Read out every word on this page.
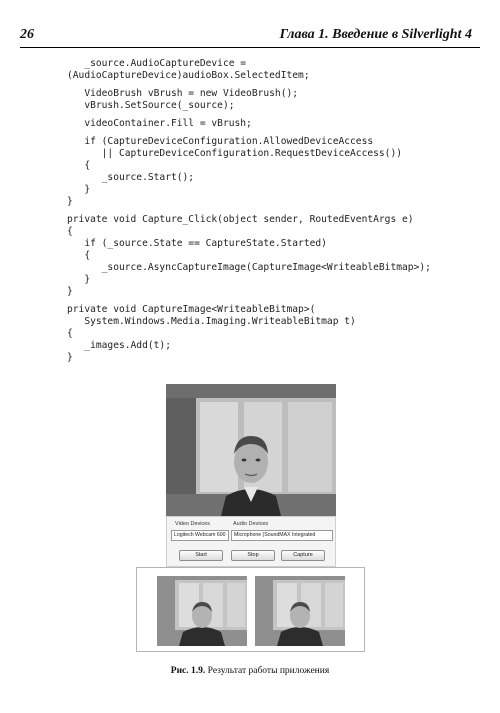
26	Глава 1. Введение в Silverlight 4
_source.AudioCaptureDevice =
(AudioCaptureDevice)audioBox.SelectedItem;
VideoBrush vBrush = new VideoBrush();
vBrush.SetSource(_source);
videoContainer.Fill = vBrush;
if (CaptureDeviceConfiguration.AllowedDeviceAccess
|| CaptureDeviceConfiguration.RequestDeviceAccess())
{
_source.Start();
}
}
private void Capture_Click(object sender, RoutedEventArgs e)
{
if (_source.State == CaptureState.Started)
{
_source.AsyncCaptureImage(CaptureImage<WriteableBitmap>);
}
}
private void CaptureImage<WriteableBitmap>(
System.Windows.Media.Imaging.WriteableBitmap t)
{
_images.Add(t);
}
Video Devices	Audio Devices
Logitech Webcam 600	Microphone (SoundMAX Integrated
Start	Stop	Capture
Рис. 1.9. Результат работы приложения
